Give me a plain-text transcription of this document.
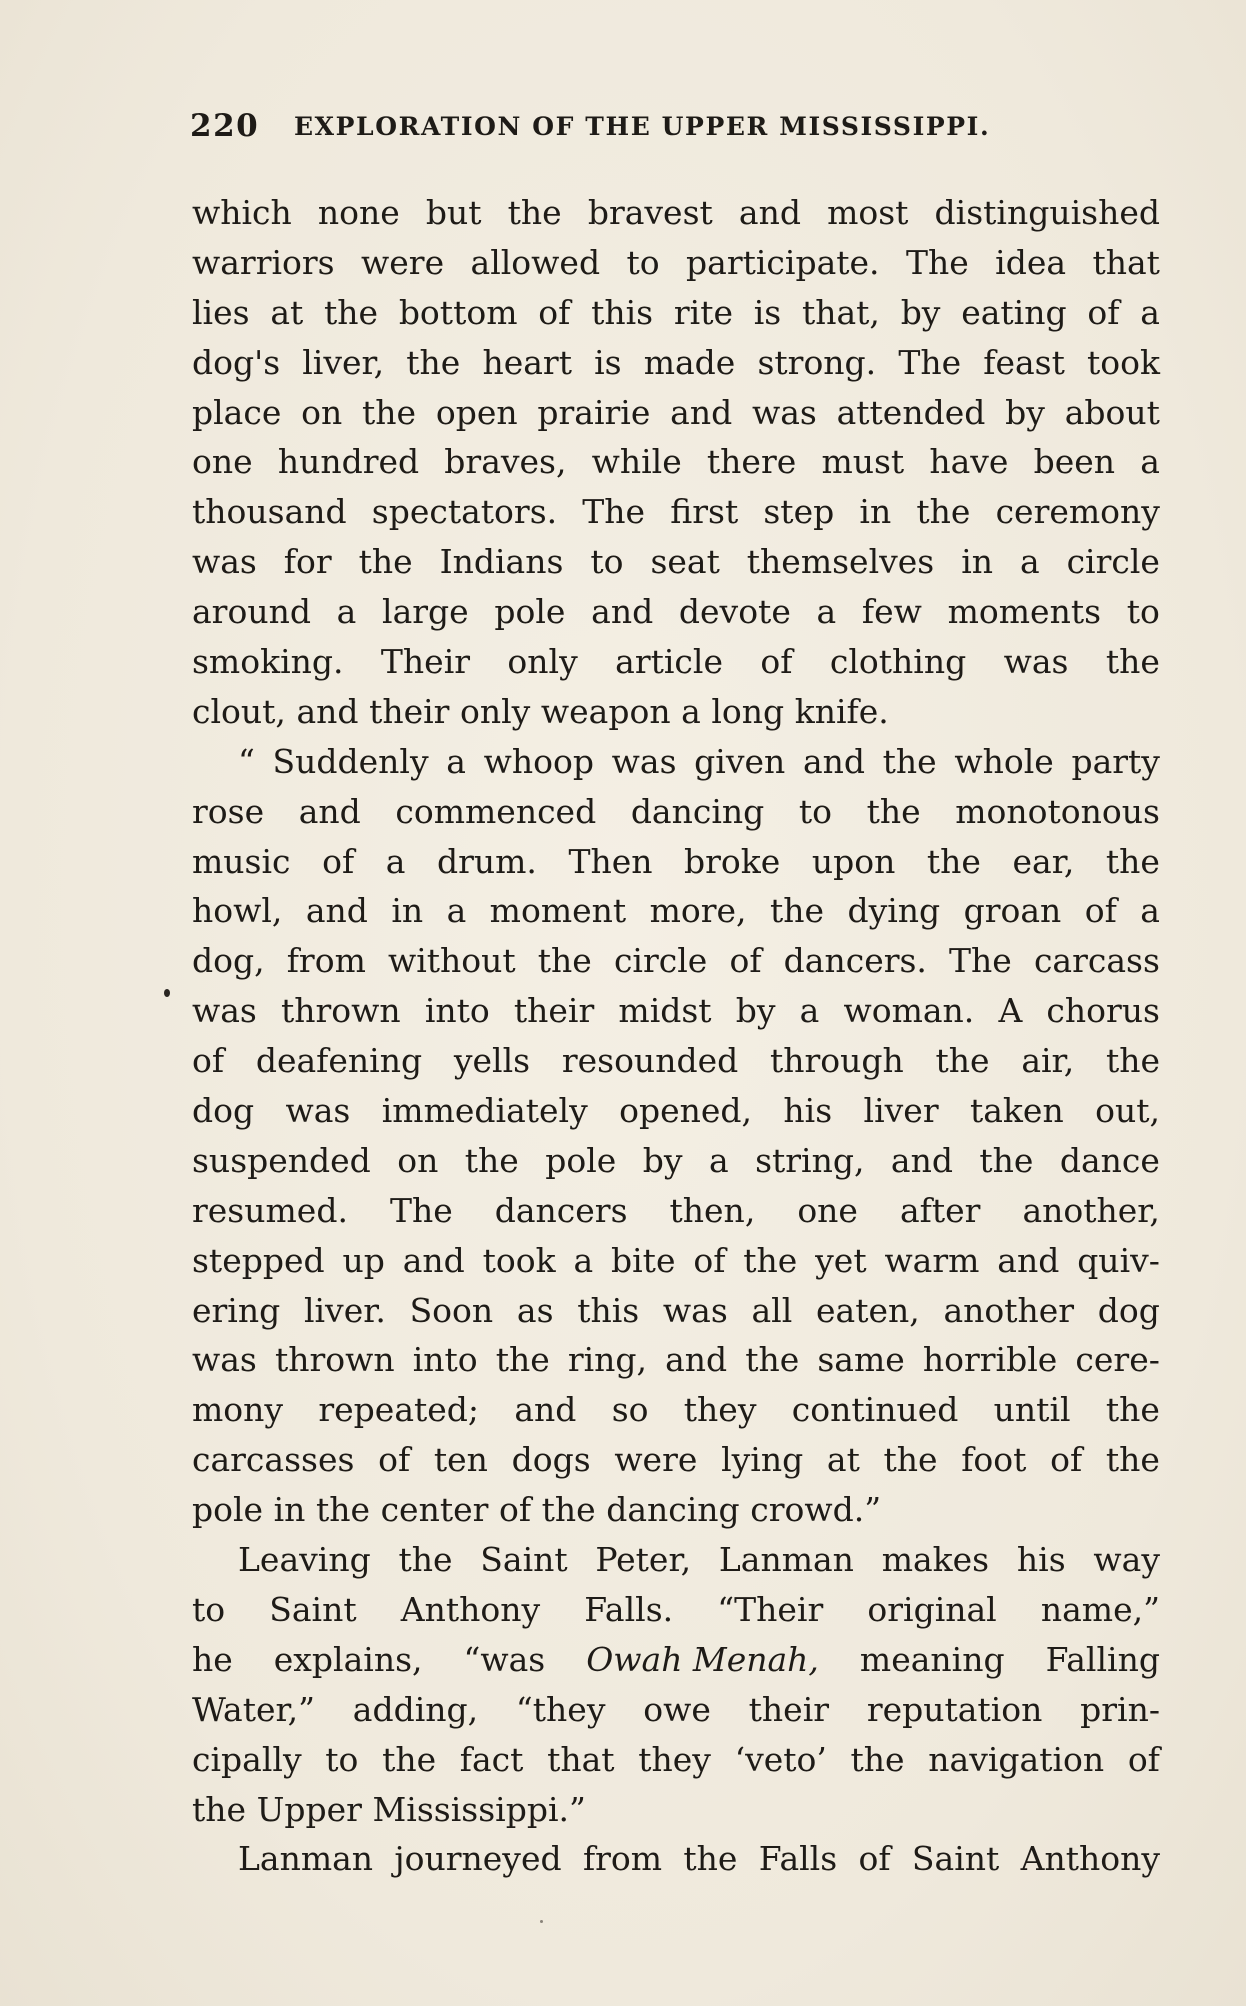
220 EXPLORATION OF THE UPPER MISSISSIPPI.
which none but the bravest and most distinguished
warriors were allowed to participate. The idea that
lies at the bottom of this rite is that, by eating of a
dog's liver, the heart is made strong. The feast took
place on the open prairie and was attended by about
one hundred braves, while there must have been a
thousand spectators. The first step in the ceremony
was for the Indians to seat themselves in a circle
around a large pole and devote a few moments to
smoking. Their only article of clothing was the
clout, and their only weapon a long knife.
“ Suddenly a whoop was given and the whole party
rose and commenced dancing to the monotonous
music of a drum. Then broke upon the ear, the
howl, and in a moment more, the dying groan of a
dog, from without the circle of dancers. The carcass
was thrown into their midst by a woman. A chorus
of deafening yells resounded through the air, the
dog was immediately opened, his liver taken out,
suspended on the pole by a string, and the dance
resumed. The dancers then, one after another,
stepped up and took a bite of the yet warm and quiv-
ering liver. Soon as this was all eaten, another dog
was thrown into the ring, and the same horrible cere-
mony repeated; and so they continued until the
carcasses of ten dogs were lying at the foot of the
pole in the center of the dancing crowd.”
Leaving the Saint Peter, Lanman makes his way
to Saint Anthony Falls. “Their original name,”
he explains, “was Owah Menah, meaning Falling
Water,” adding, “they owe their reputation prin-
cipally to the fact that they ‘veto’ the navigation of
the Upper Mississippi.”
Lanman journeyed from the Falls of Saint Anthony
